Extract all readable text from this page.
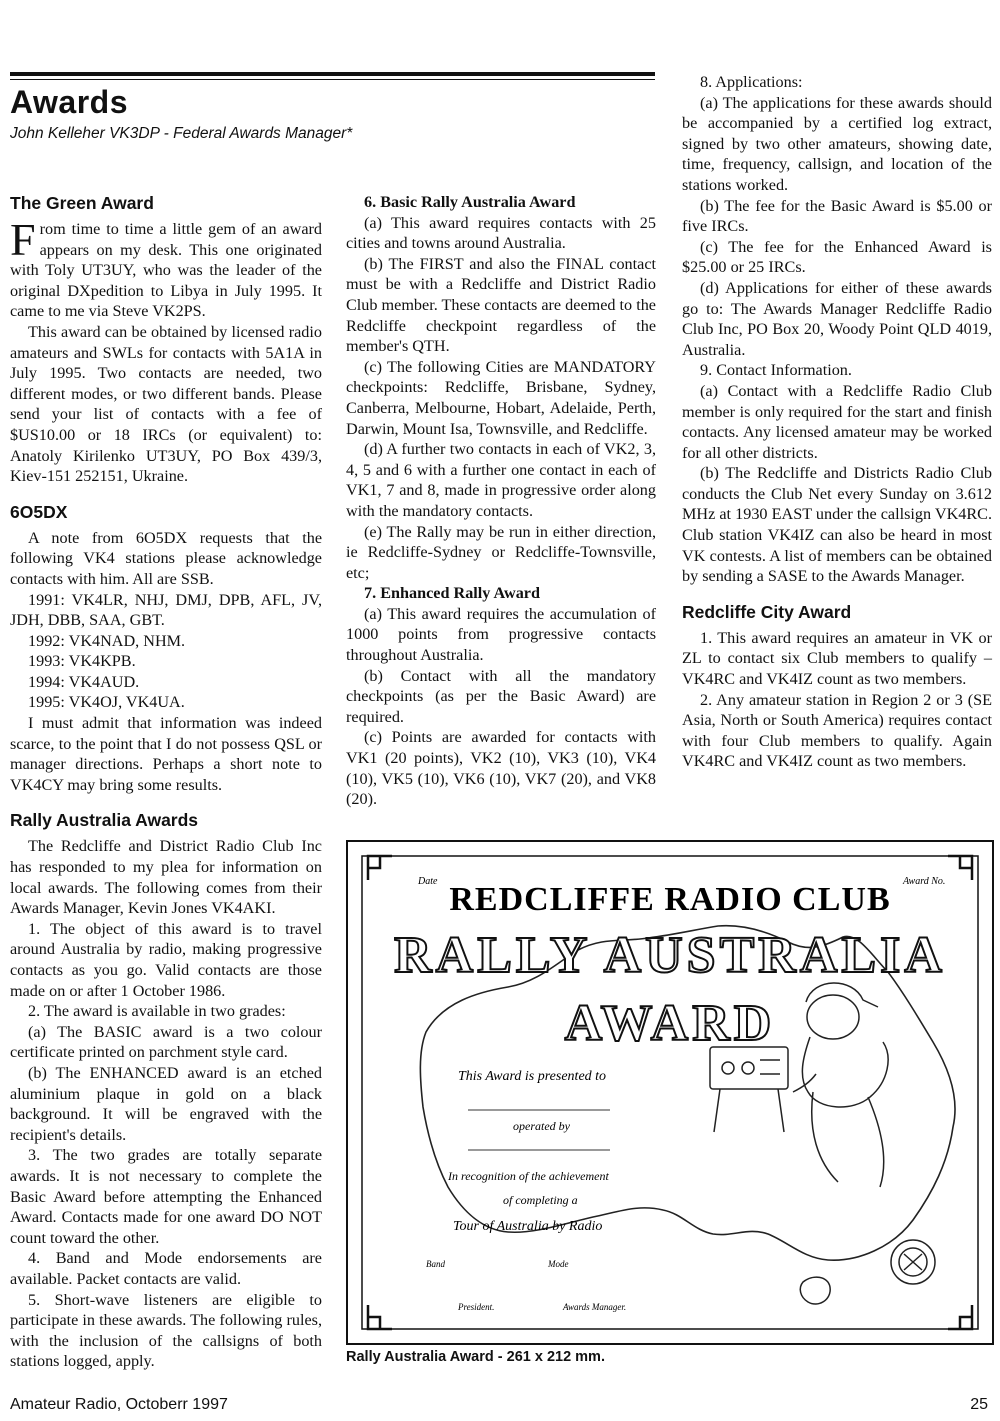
Awards
John Kelleher VK3DP - Federal Awards Manager*
The Green Award

From time to time a little gem of an award appears on my desk. This one originated with Toly UT3UY, who was the leader of the original DXpedition to Libya in July 1995. It came to me via Steve VK2PS.

This award can be obtained by licensed radio amateurs and SWLs for contacts with 5A1A in July 1995. Two contacts are needed, two different modes, or two different bands. Please send your list of contacts with a fee of $US10.00 or 18 IRCs (or equivalent) to: Anatoly Kirilenko UT3UY, PO Box 439/3, Kiev-151 252151, Ukraine.

6O5DX

A note from 6O5DX requests that the following VK4 stations please acknowledge contacts with him. All are SSB.

1991: VK4LR, NHJ, DMJ, DPB, AFL, JV, JDH, DBB, SAA, GBT.

1992: VK4NAD, NHM.

1993: VK4KPB.

1994: VK4AUD.

1995: VK4OJ, VK4UA.

I must admit that information was indeed scarce, to the point that I do not possess QSL or manager directions. Perhaps a short note to VK4CY may bring some results.

Rally Australia Awards

The Redcliffe and District Radio Club Inc has responded to my plea for information on local awards. The following comes from their Awards Manager, Kevin Jones VK4AKI.

1. The object of this award is to travel around Australia by radio, making progressive contacts as you go. Valid contacts are those made on or after 1 October 1986.

2. The award is available in two grades:

(a) The BASIC award is a two colour certificate printed on parchment style card.

(b) The ENHANCED award is an etched aluminium plaque in gold on a black background. It will be engraved with the recipient's details.

3. The two grades are totally separate awards. It is not necessary to complete the Basic Award before attempting the Enhanced Award. Contacts made for one award DO NOT count toward the other.

4. Band and Mode endorsements are available. Packet contacts are valid.

5. Short-wave listeners are eligible to participate in these awards. The following rules, with the inclusion of the callsigns of both stations logged, apply.

6. Basic Rally Australia Award

(a) This award requires contacts with 25 cities and towns around Australia.

(b) The FIRST and also the FINAL contact must be with a Redcliffe and District Radio Club member. These contacts are deemed to the Redcliffe checkpoint regardless of the member's QTH.

(c) The following Cities are MANDATORY checkpoints: Redcliffe, Brisbane, Sydney, Canberra, Melbourne, Hobart, Adelaide, Perth, Darwin, Mount Isa, Townsville, and Redcliffe.

(d) A further two contacts in each of VK2, 3, 4, 5 and 6 with a further one contact in each of VK1, 7 and 8, made in progressive order along with the mandatory contacts.

(e) The Rally may be run in either direction, ie Redcliffe-Sydney or Redcliffe-Townsville, etc;

7. Enhanced Rally Award

(a) This award requires the accumulation of 1000 points from progressive contacts throughout Australia.

(b) Contact with all the mandatory checkpoints (as per the Basic Award) are required.

(c) Points are awarded for contacts with VK1 (20 points), VK2 (10), VK3 (10), VK4 (10), VK5 (10), VK6 (10), VK7 (20), and VK8 (20).

8. Applications:

(a) The applications for these awards should be accompanied by a certified log extract, signed by two other amateurs, showing date, time, frequency, callsign, and location of the stations worked.

(b) The fee for the Basic Award is $5.00 or five IRCs.

(c) The fee for the Enhanced Award is $25.00 or 25 IRCs.

(d) Applications for either of these awards go to: The Awards Manager Redcliffe Radio Club Inc, PO Box 20, Woody Point QLD 4019, Australia.

9. Contact Information.

(a) Contact with a Redcliffe Radio Club member is only required for the start and finish contacts. Any licensed amateur may be worked for all other districts.

(b) The Redcliffe and Districts Radio Club conducts the Club Net every Sunday on 3.612 MHz at 1930 EAST under the callsign VK4RC. Club station VK4IZ can also be heard in most VK contests. A list of members can be obtained by sending a SASE to the Awards Manager.

Redcliffe City Award

1. This award requires an amateur in VK or ZL to contact six Club members to qualify – VK4RC and VK4IZ count as two members.

2. Any amateur station in Region 2 or 3 (SE Asia, North or South America) requires contact with four Club members to qualify. Again VK4RC and VK4IZ count as two members.

Date	Award No.
REDCLIFFE RADIO CLUB
RALLY AUSTRALIA
AWARD
This Award is presented to
operated by
In recognition of the achievement
of completing a
Tour of Australia by Radio
Band	Mode
President.	Awards Manager.
Rally Australia Award - 261 x 212 mm.
Amateur Radio, Octoberr 1997	25
